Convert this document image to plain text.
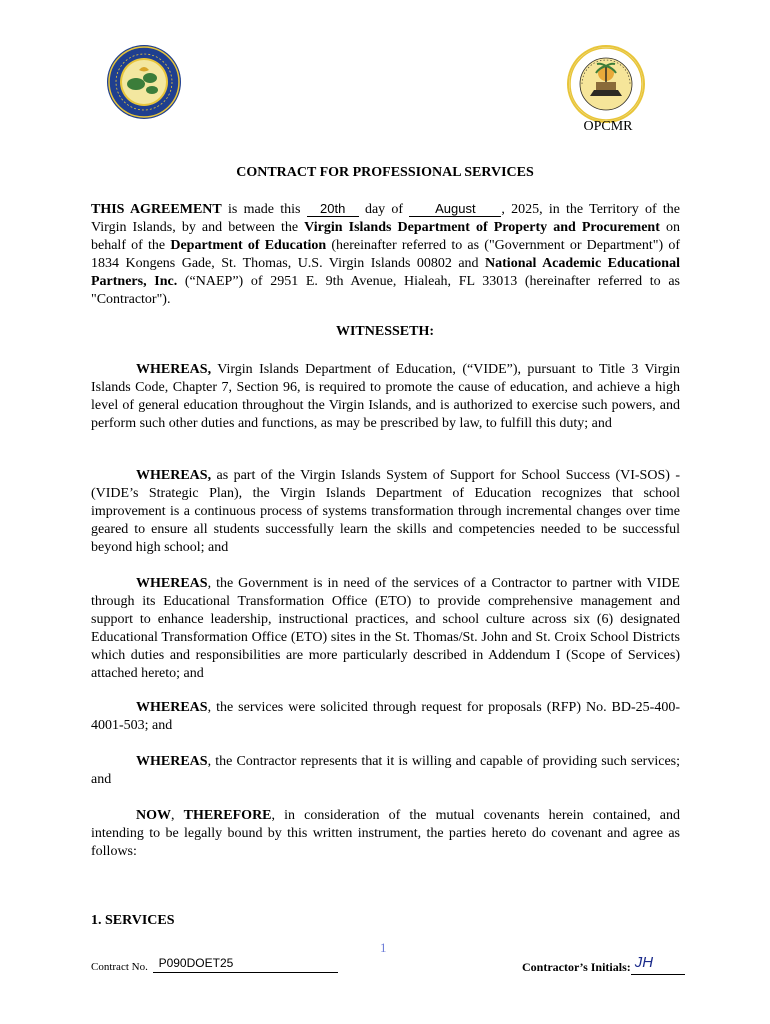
OPCMR
CONTRACT FOR PROFESSIONAL SERVICES
THIS AGREEMENT is made this 20th day of August , 2025, in the Territory of the Virgin Islands, by and between the Virgin Islands Department of Property and Procurement on behalf of the Department of Education (hereinafter referred to as ("Government or Department") of 1834 Kongens Gade, St. Thomas, U.S. Virgin Islands 00802 and National Academic Educational Partners, Inc. (“NAEP”) of 2951 E. 9th Avenue, Hialeah, FL 33013 (hereinafter referred to as "Contractor").
WITNESSETH:
WHEREAS, Virgin Islands Department of Education, (“VIDE”), pursuant to Title 3 Virgin Islands Code, Chapter 7, Section 96, is required to promote the cause of education, and achieve a high level of general education throughout the Virgin Islands, and is authorized to exercise such powers, and perform such other duties and functions, as may be prescribed by law, to fulfill this duty; and
WHEREAS, as part of the Virgin Islands System of Support for School Success (VI-SOS) -(VIDE’s Strategic Plan), the Virgin Islands Department of Education recognizes that school improvement is a continuous process of systems transformation through incremental changes over time geared to ensure all students successfully learn the skills and competencies needed to be successful beyond high school; and
WHEREAS, the Government is in need of the services of a Contractor to partner with VIDE through its Educational Transformation Office (ETO) to provide comprehensive management and support to enhance leadership, instructional practices, and school culture across six (6) designated Educational Transformation Office (ETO) sites in the St. Thomas/St. John and St. Croix School Districts which duties and responsibilities are more particularly described in Addendum I (Scope of Services) attached hereto; and
WHEREAS, the services were solicited through request for proposals (RFP) No. BD-25-400-4001-503; and
WHEREAS, the Contractor represents that it is willing and capable of providing such services; and
NOW, THEREFORE, in consideration of the mutual covenants herein contained, and intending to be legally bound by this written instrument, the parties hereto do covenant and agree as follows:
1. SERVICES
1
Contract No. P090DOET25	Contractor’s Initials: JH
